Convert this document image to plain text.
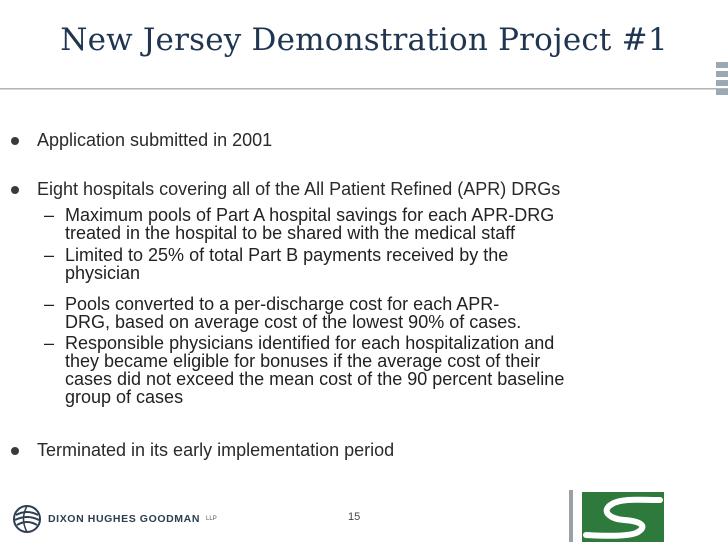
New Jersey Demonstration Project #1
Application submitted in 2001
Eight hospitals covering all of the All Patient Refined (APR) DRGs
– Maximum pools of Part A hospital savings for each APR-DRG
treated in the hospital to be shared with the medical staff
– Limited to 25% of total Part B payments received by the
physician
– Pools converted to a per-discharge cost for each APR-
DRG, based on average cost of the lowest 90% of cases.
– Responsible physicians identified for each hospitalization and
they became eligible for bonuses if the average cost of their
cases did not exceed the mean cost of the 90 percent baseline
group of cases
Terminated in its early implementation period
DIXON HUGHES GOODMAN LLP	15
